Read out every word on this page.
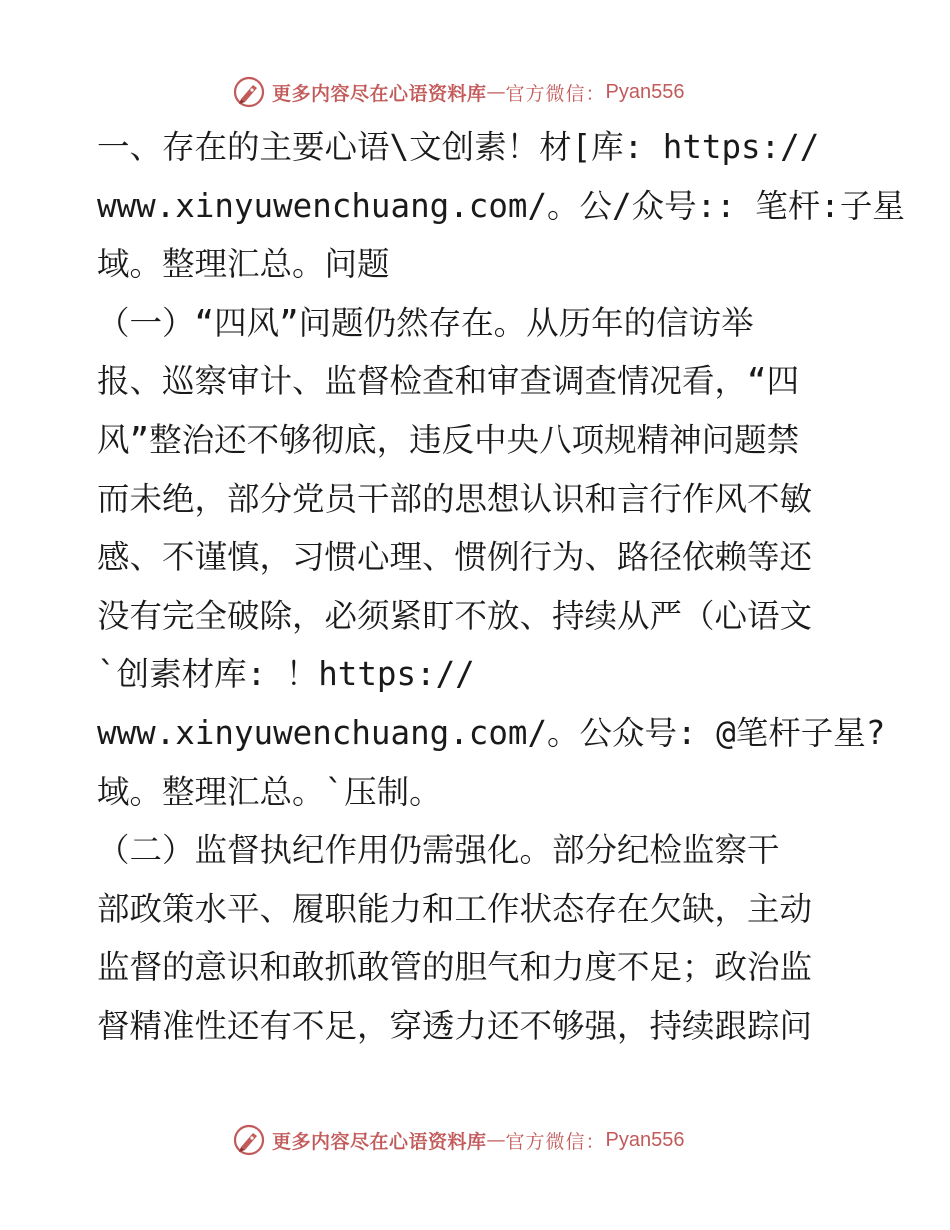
更多内容尽在心语资料库 — 官方微信： Pyan556
一、存在的主要心语\文创素！材[库: https://
www.xinyuwenchuang.com/。公/众号:: 笔杆:子星
域。整理汇总。问题
（一）“四风”问题仍然存在。从历年的信访举
报、巡察审计、监督检查和审查调查情况看，“四
风”整治还不够彻底，违反中央八项规精神问题禁
而未绝，部分党员干部的思想认识和言行作风不敏
感、不谨慎，习惯心理、惯例行为、路径依赖等还
没有完全破除，必须紧盯不放、持续从严（心语文
`创素材库: ！https://
www.xinyuwenchuang.com/。公众号: @笔杆子星?
域。整理汇总。`压制。
（二）监督执纪作用仍需强化。部分纪检监察干
部政策水平、履职能力和工作状态存在欠缺，主动
监督的意识和敢抓敢管的胆气和力度不足；政治监
督精准性还有不足，穿透力还不够强，持续跟踪问
更多内容尽在心语资料库 — 官方微信： Pyan556
